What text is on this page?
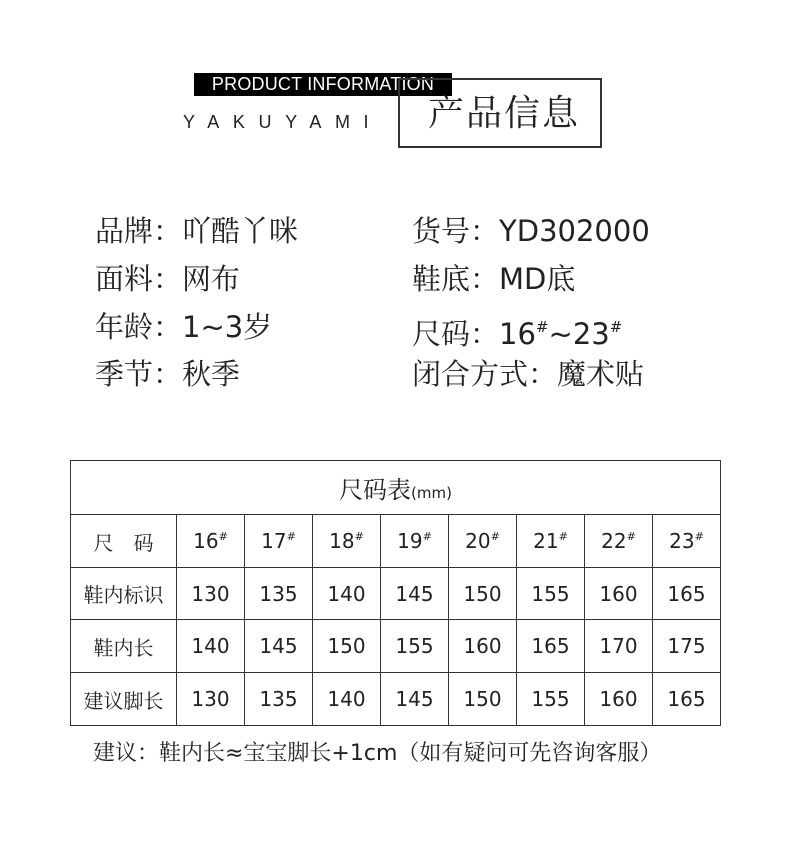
PRODUCT INFORMATION
YAKUYAMI	产品信息
品牌：吖酷丫咪
面料：网布
年龄：1~3岁
季节：秋季
货号：YD302000
鞋底：MD底
尺码：16#~23#
闭合方式：魔术贴
尺码表(mm)								
尺　码	16#	17#	18#	19#	20#	21#	22#	23#
鞋内标识	130	135	140	145	150	155	160	165
鞋内长	140	145	150	155	160	165	170	175
建议脚长	130	135	140	145	150	155	160	165
建议：鞋内长≈宝宝脚长+1cm（如有疑问可先咨询客服）
